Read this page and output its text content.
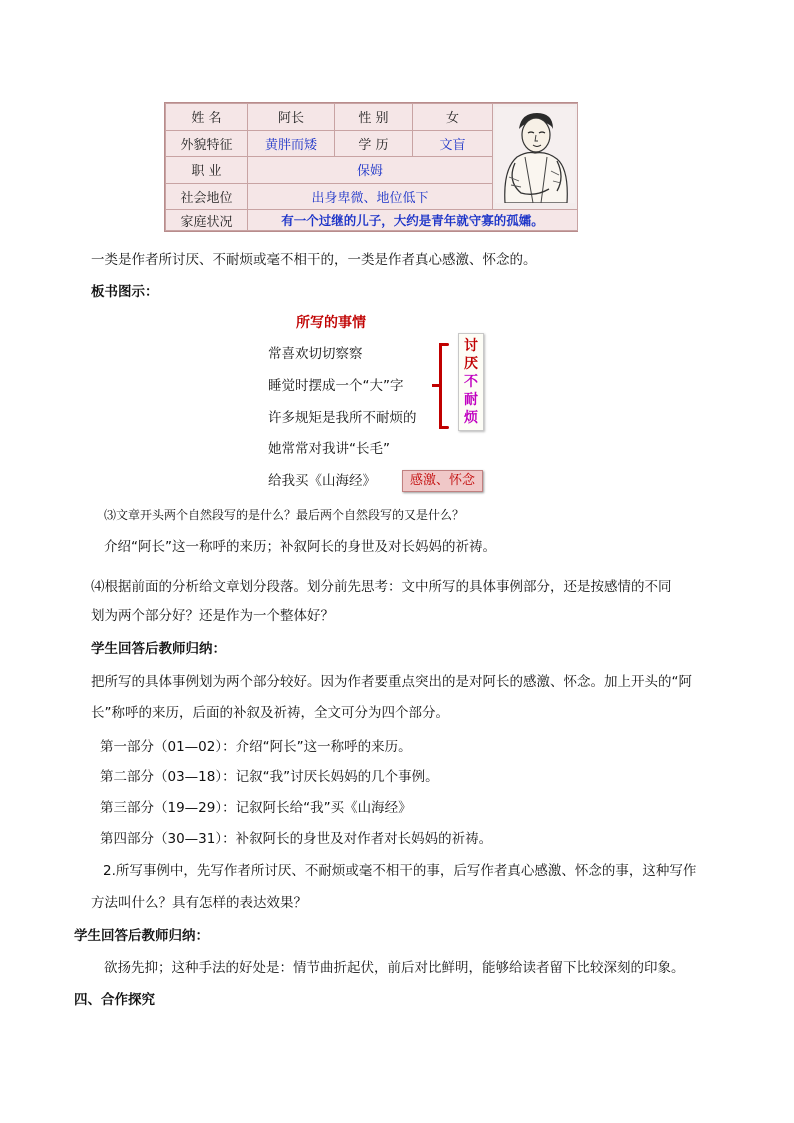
姓 名	阿长	性 别	女	
外貌特征	黄胖而矮	学 历	文盲	
职 业	保姆			
社会地位	出身卑微、地位低下			
家庭状况	有一个过继的儿子，大约是青年就守寡的孤孀。			
一类是作者所讨厌、不耐烦或毫不相干的，一类是作者真心感激、怀念的。
板书图示：
所写的事情
常喜欢切切察察
睡觉时摆成一个“大”字
许多规矩是我所不耐烦的
她常常对我讲“长毛”
给我买《山海经》
讨
厌
不
耐
烦
感激、怀念
⑶文章开头两个自然段写的是什么？最后两个自然段写的又是什么？
介绍“阿长”这一称呼的来历；补叙阿长的身世及对长妈妈的祈祷。
⑷根据前面的分析给文章划分段落。划分前先思考：文中所写的具体事例部分，还是按感情的不同
划为两个部分好？还是作为一个整体好？
学生回答后教师归纳：
把所写的具体事例划为两个部分较好。因为作者要重点突出的是对阿长的感激、怀念。加上开头的“阿
长”称呼的来历，后面的补叙及祈祷，全文可分为四个部分。
第一部分（01—02）：介绍“阿长”这一称呼的来历。
第二部分（03—18）：记叙“我”讨厌长妈妈的几个事例。
第三部分（19—29）：记叙阿长给“我”买《山海经》
第四部分（30—31）：补叙阿长的身世及对作者对长妈妈的祈祷。
2.所写事例中，先写作者所讨厌、不耐烦或毫不相干的事，后写作者真心感激、怀念的事，这种写作
方法叫什么？具有怎样的表达效果？
学生回答后教师归纳：
欲扬先抑；这种手法的好处是：情节曲折起伏，前后对比鲜明，能够给读者留下比较深刻的印象。
四、合作探究
